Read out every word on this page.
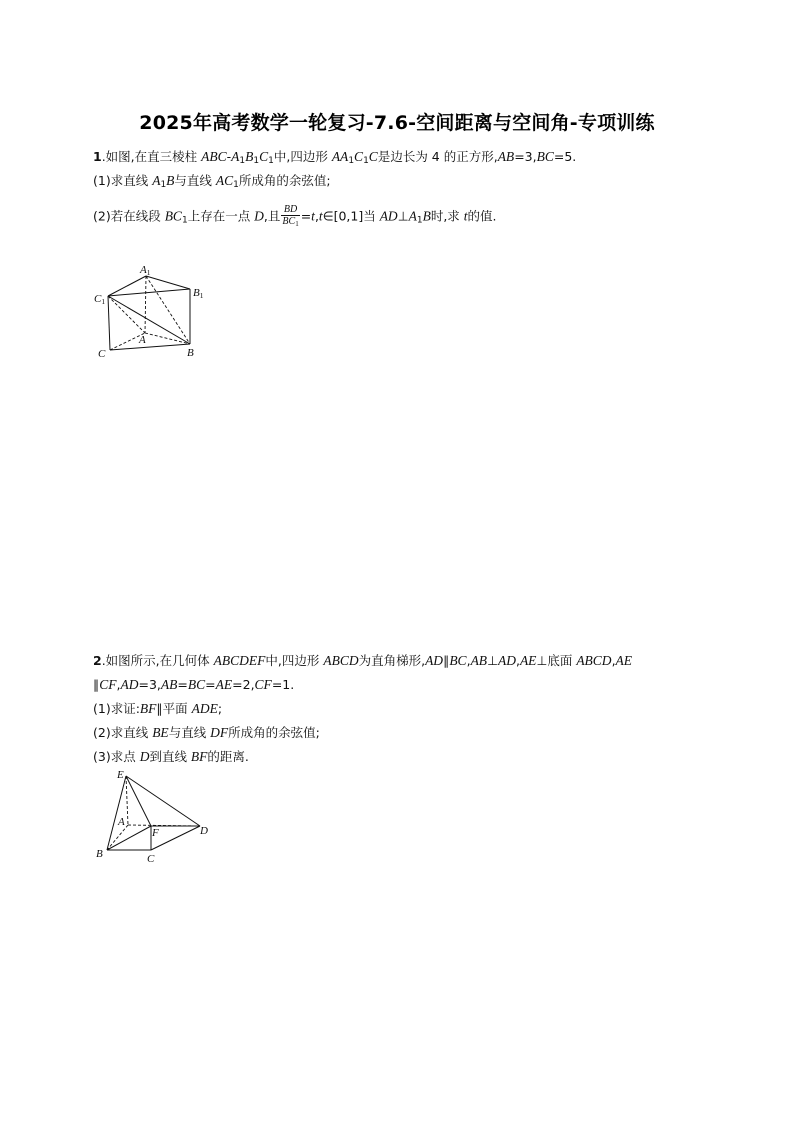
2025年高考数学一轮复习-7.6-空间距离与空间角-专项训练
1.如图,在直三棱柱 ABC-$A_1B_1C_1$中,四边形 $AA_1C_1C$是边长为 4 的正方形,AB=3,BC=5.
(1)求直线 $A_1B$与直线 $AC_1$所成角的余弦值;
(2)若在线段 $BC_1$上存在一点 D,且 $\frac{BD}{BC_1}$ =t,t∈[0,1]当 $AD\perp A_1B$时,求 t的值.
A1
B1
C1
A
B
C
2.如图所示,在几何体 ABCDEF中,四边形 ABCD为直角梯形,AD∥BC,AB⊥AD,AE⊥底面 ABCD,AE
∥CF,AD=3,AB=BC=AE=2,CF=1.
(1)求证:BF∥平面 ADE;
(2)求直线 BE与直线 DF所成角的余弦值;
(3)求点 D到直线 BF的距离.
E
A
F	D
B	C
